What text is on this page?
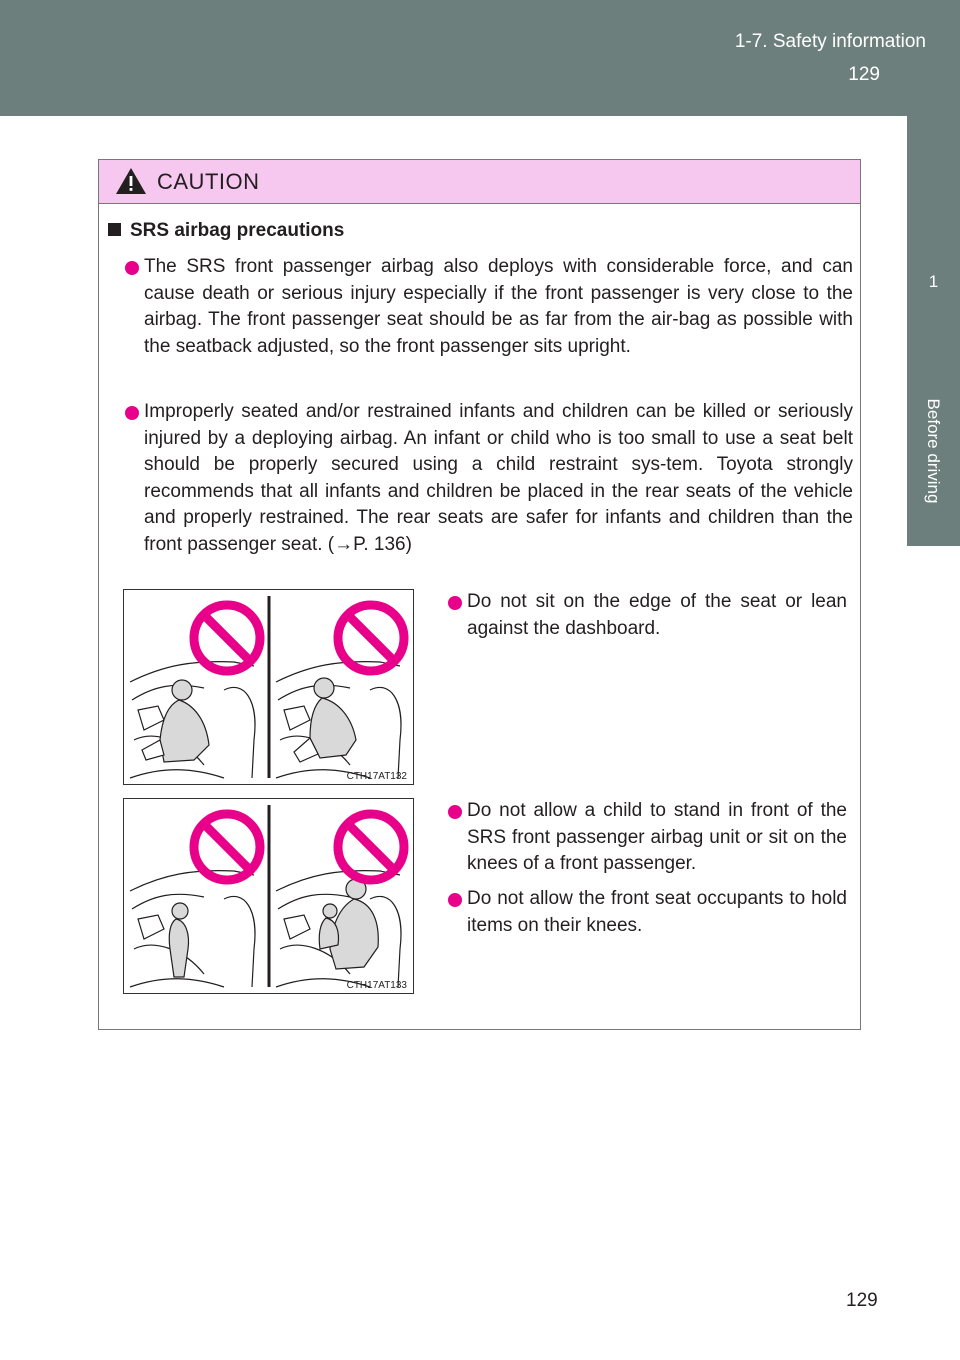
1-7. Safety information
129
1
Before driving
CAUTION
SRS airbag precautions
The SRS front passenger airbag also deploys with considerable force, and can cause death or serious injury especially if the front passenger is very close to the airbag. The front passenger seat should be as far from the air-bag as possible with the seatback adjusted, so the front passenger sits upright.
Improperly seated and/or restrained infants and children can be killed or seriously injured by a deploying airbag. An infant or child who is too small to use a seat belt should be properly secured using a child restraint sys-tem. Toyota strongly recommends that all infants and children be placed in the rear seats of the vehicle and properly restrained. The rear seats are safer for infants and children than the front passenger seat. (→P. 136)
CTH17AT132
Do not sit on the edge of the seat or lean against the dashboard.
CTH17AT133
Do not allow a child to stand in front of the SRS front passenger airbag unit or sit on the knees of a front passenger.
Do not allow the front seat occupants to hold items on their knees.
129
